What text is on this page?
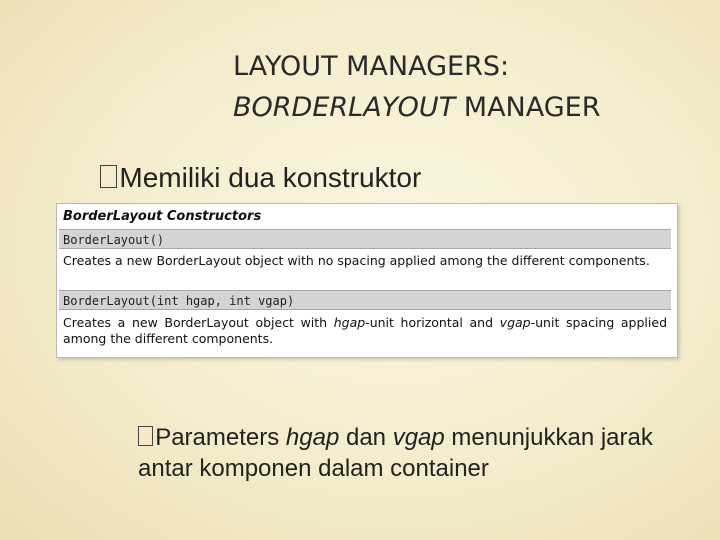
LAYOUT MANAGERS:
BORDERLAYOUT MANAGER
Memiliki dua konstruktor
BorderLayout Constructors
BorderLayout()
Creates a new BorderLayout object with no spacing applied among the different components.
BorderLayout(int hgap, int vgap)
Creates a new BorderLayout object with hgap-unit horizontal and vgap-unit spacing applied among the different components.
Parameters hgap dan vgap menunjukkan jarak antar komponen dalam container
